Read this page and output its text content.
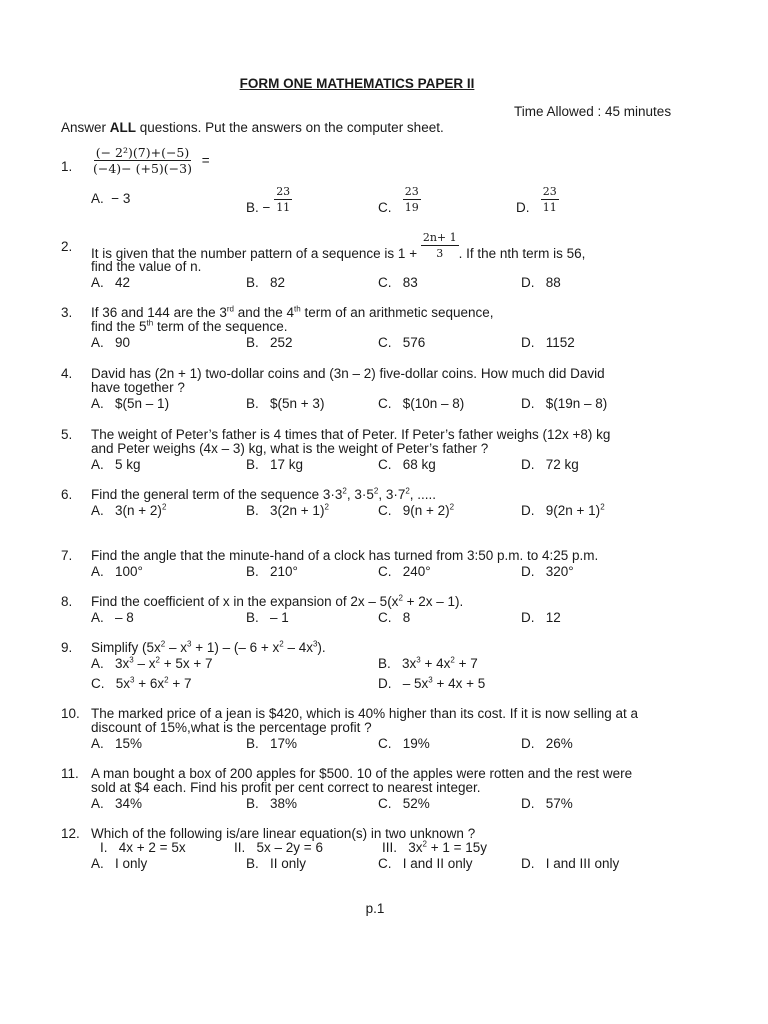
FORM ONE MATHEMATICS PAPER II
Time Allowed : 45 minutes
Answer ALL questions. Put the answers on the computer sheet.
1. $\frac{\text{(− 2²)(7)+(−5)}}{(-4)- (+5)(-3)}$ =
A. − 3
B. − $\frac{23}{11}$	C. $\frac{23}{19}$	D. $\frac{23}{11}$
2. It is given that the number pattern of a sequence is $1 + \frac{2n+ 1}{3}$ . If the nth term is 56,
find the value of n.
A. 42	B. 82	C. 83	D. 88
3. If 36 and 144 are the 3rd and the 4th term of an arithmetic sequence,
find the 5th term of the sequence.
A. 90	B. 252	C. 576	D. 1152
4. David has (2n + 1) two-dollar coins and (3n – 2) five-dollar coins. How much did David
have together ?
A. $(5n – 1)	B. $(5n + 3)	C. $(10n – 8)	D. $(19n – 8)
5. The weight of Peter’s father is 4 times that of Peter. If Peter’s father weighs (12x +8) kg
and Peter weighs (4x – 3) kg, what is the weight of Peter’s father ?
A. 5 kg	B. 17 kg	C. 68 kg	D. 72 kg
6. Find the general term of the sequence $3\cdot 3^2$, $3\cdot 5^2$, $3\cdot 7^2$, .....
A. $3(n + 2)^2$	B. $3(2n + 1)^2$	C. $9(n + 2)^2$	D. $9(2n + 1)^2$
7. Find the angle that the minute-hand of a clock has turned from 3:50 p.m. to 4:25 p.m.
A. 100°	B. 210°	C. 240°	D. 320°
8. Find the coefficient of x in the expansion of $2x - 5(x^2 + 2x - 1)$.
A. – 8	B. – 1	C. 8	D. 12
9. Simplify $(5x^2 - x^3 + 1)$ – (– $6 + x^2 - 4x^3$).
A. $3x^3 - x^2 + 5x + 7$	B. $3x^3 + 4x^2 + 7$
C. $5x^3 + 6x^2 + 7$	D. – $5x^3 + 4x + 5$
10. The marked price of a jean is $420, which is 40% higher than its cost. If it is now selling at a
discount of 15%,what is the percentage profit ?
A. 15%	B. 17%	C. 19%	D. 26%
11. A man bought a box of 200 apples for $500. 10 of the apples were rotten and the rest were
sold at $4 each. Find his profit per cent correct to nearest integer.
A. 34%	B. 38%	C. 52%	D. 57%
12. Which of the following is/are linear equation(s) in two unknown ?
I. 4x + 2 = 5x	II. 5x – 2y = 6	III. $3x^2 + 1 = 15y$
A. I only	B. II only	C. I and II only	D. I and III only
p.1
